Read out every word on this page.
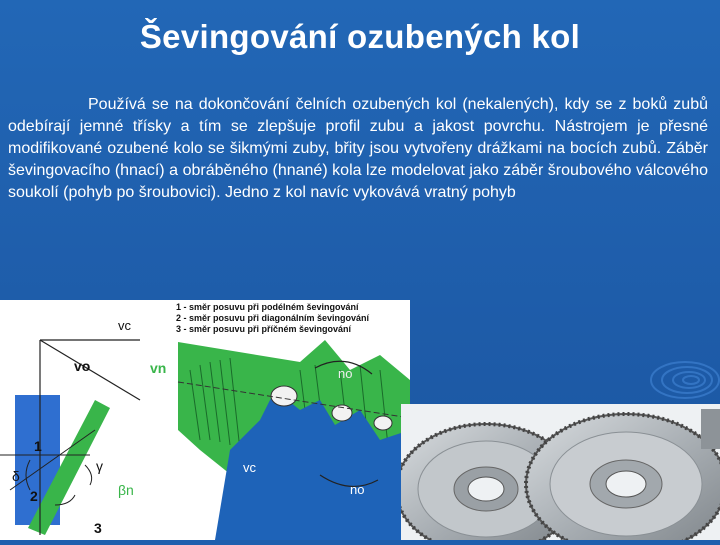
Ševingování ozubených kol
Používá se na dokončování čelních ozubených kol (nekalených), kdy se z boků zubů odebírají jemné třísky a tím se zlepšuje profil zubu a jakost povrchu. Nástrojem je přesné modifikované ozubené kolo se šikmými zuby, břity jsou vytvořeny drážkami na bocích zubů. Záběr ševingovacího (hnací) a obráběného (hnané) kola lze modelovat jako záběr šroubového válcového soukolí (pohyb po šroubovici). Jedno z kol navíc vykovává vratný pohyb
1 - směr posuvu při podélném ševingování
2 - směr posuvu při diagonálním ševingování
3 - směr posuvu při příčném ševingování
vc
vo	vn	no
vc
no
1
2
3
δ
γ
βn
